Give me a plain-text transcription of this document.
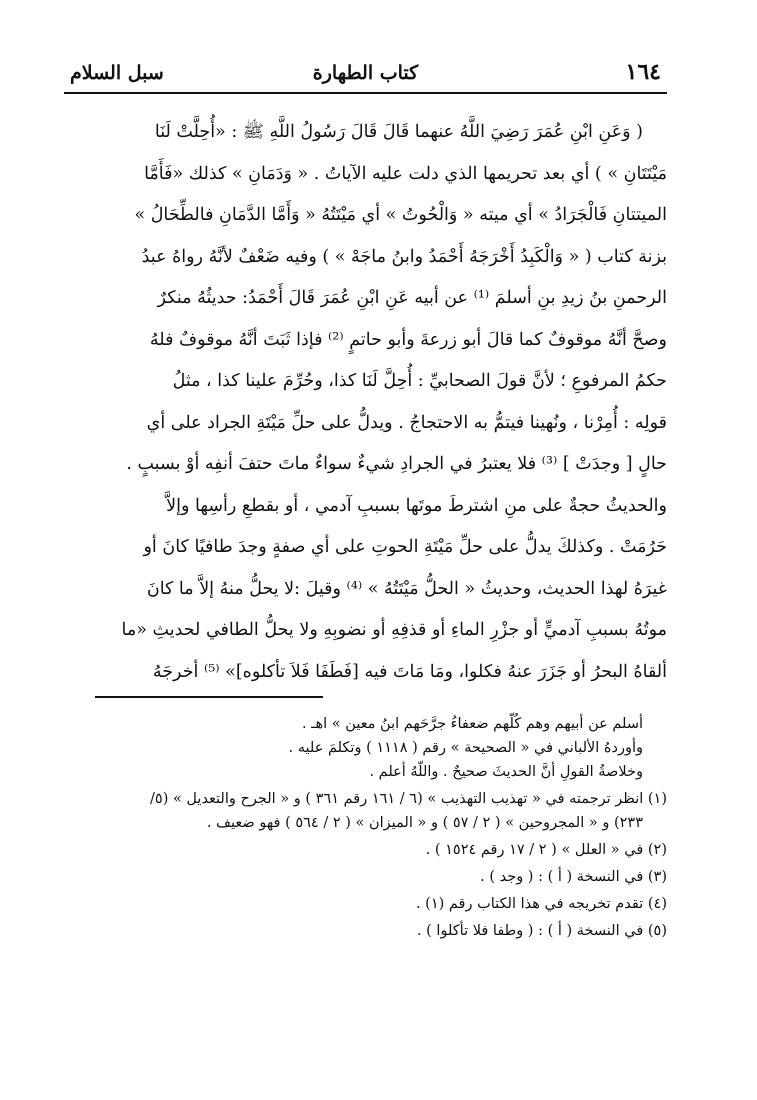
١٦٤
كتاب الطهارة
سبل السلام
( وَعَنِ ابْنِ عُمَرَ رَضِيَ اللَّهُ عنهما قَالَ قَالَ رَسُولُ اللَّهِ ﷺ : «أُحِلَّتْ لَنَا
مَيْتَتَانِ » ) أي بعد تحريمها الذي دلت عليه الآياتُ . « وَدَمَانِ » كذلك «فَأَمَّا
الميتتانِ فَالْجَرَادُ » أي ميته « وَالْحُوتُ » أي مَيْتَتُهُ « وَأَمَّا الدَّمَانِ فالطِّحَالُ »
بزنة كتاب ( « وَالْكَبِدُ أَخْرَجَهُ أَحْمَدُ وابنُ ماجَهْ » ) وفيه ضَعْفٌ لأنَّهُ رواهُ عبدُ
الرحمنِ بنُ زيدِ بنِ أسلمَ ⁽¹⁾ عن أبيه عَنِ ابْنِ عُمَرَ قَالَ أَحْمَدُ: حديثُهُ منكرٌ
وصحَّ أنَّهُ موقوفٌ كما قالَ أبو زرعةَ وأبو حاتمٍ ⁽²⁾ فإذا ثَبَتَ أنَّهُ موقوفٌ فلهُ
حكمُ المرفوعِ ؛ لأنَّ قولَ الصحابيِّ : أُحِلَّ لَنَا كذا، وحُرِّمَ علينا كذا ، مثلُ
قولِه : أُمِرْنا ، ونُهينا فيتمُّ به الاحتجاجُ . ويدلُّ على حلِّ مَيْتَةِ الجراد على أي
حالٍ [ وجدَتْ ] ⁽³⁾ فلا يعتبرُ في الجرادِ شيءٌ سواءٌ ماتَ حتفَ أنفِه أوْ بسببٍ .
والحديثُ حجةٌ على منِ اشترطَ موتَها بسببِ آدمي ، أو بقطعِ رأسِها وإلاَّ
حَرُمَتْ . وكذلكَ يدلُّ على حلِّ مَيْتَةِ الحوتِ على أي صفةٍ وجدَ طافيًا كانَ أو
غيرَهُ لهذا الحديث، وحديثُ « الحلُّ مَيْتَتُهُ » ⁽⁴⁾ وقيلَ :لا يحلُّ منهُ إلاَّ ما كانَ
موتُهُ بسببِ آدميٍّ أو جزْرِ الماءِ أو قذفِهِ أو نضوبِهِ ولا يحلُّ الطافي لحديثِ «ما
ألقاهُ البحرُ أو جَزَرَ عنهُ فكلوا، ومَا مَاتَ فيه [فَطَفَا فَلاَ تأكلوه]» ⁽⁵⁾ أخرجَهُ
أسلم عن أبيهم وهم كُلُّهم ضعفاءُ جرَّحَهم ابنُ معين » اهـ .
وأوردهُ الألباني في « الصحيحة » رقم ( ١١١٨ ) وتكلمَ عليه .
وخلاصةُ القولِ أنَّ الحديثَ صحيحٌ . واللَّهُ أعلم .
(١) انظر ترجمته في « تهذيب التهذيب » (٦ / ١٦١ رقم ٣٦١ ) و « الجرح والتعديل » (٥/
٢٣٣) و « المجروحين » ( ٢ / ٥٧ ) و « الميزان » ( ٢ / ٥٦٤ ) فهو ضعيف .
(٢) في « العلل » ( ٢ / ١٧ رقم ١٥٢٤ ) .
(٣) في النسخة ( أ ) : ( وجد ) .
(٤) تقدم تخريجه في هذا الكتاب رقم (١) .
(٥) في النسخة ( أ ) : ( وطفا فلا تأكلوا ) .
